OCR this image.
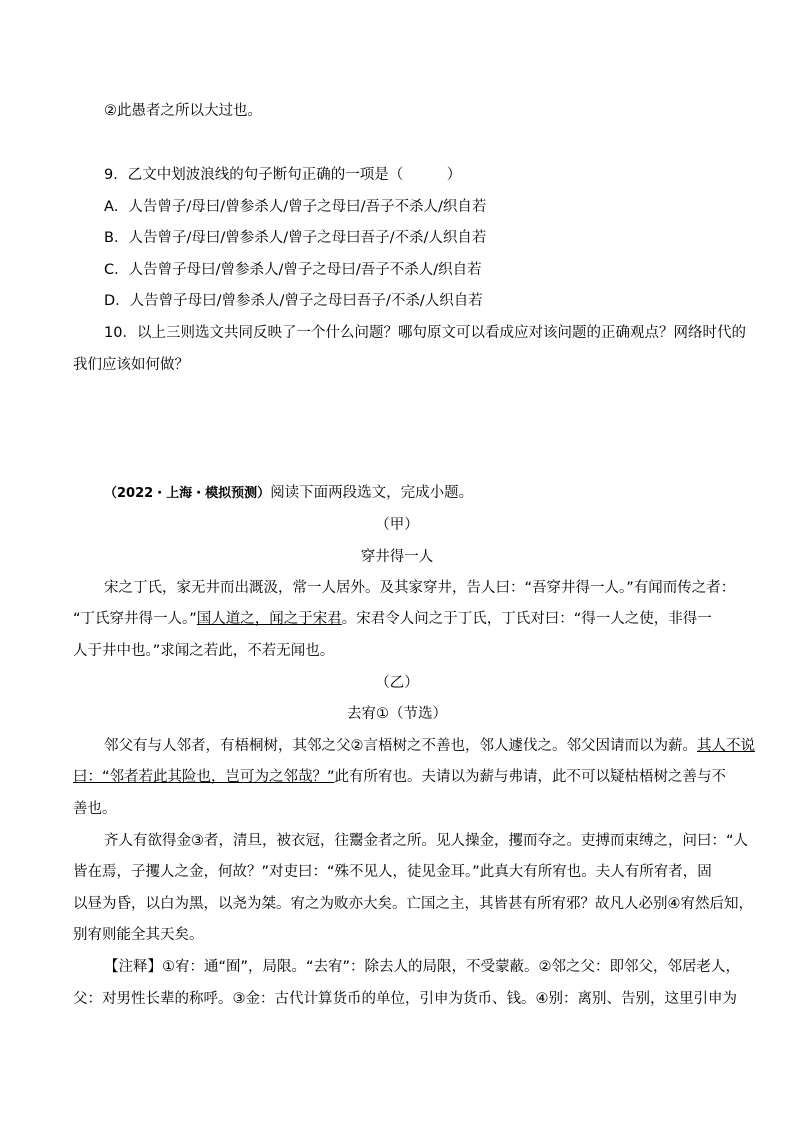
②此愚者之所以大过也。
9．乙文中划波浪线的句子断句正确的一项是（　　　）
A．人告曾子/母曰/曾参杀人/曾子之母曰/吾子不杀人/织自若
B．人告曾子/母曰/曾参杀人/曾子之母曰吾子/不杀/人织自若
C．人告曾子母曰/曾参杀人/曾子之母曰/吾子不杀人/织自若
D．人告曾子母曰/曾参杀人/曾子之母曰吾子/不杀/人织自若
10．以上三则选文共同反映了一个什么问题？哪句原文可以看成应对该问题的正确观点？网络时代的
我们应该如何做？
（2022・上海・模拟预测）阅读下面两段选文，完成小题。
（甲）
穿井得一人
宋之丁氏，家无井而出溉汲，常一人居外。及其家穿井，告人曰：“吾穿井得一人。”有闻而传之者：
“丁氏穿井得一人。”国人道之，闻之于宋君。宋君令人问之于丁氏，丁氏对曰：“得一人之使，非得一
人于井中也。”求闻之若此，不若无闻也。
（乙）
去宥①（节选）
邻父有与人邻者，有梧桐树，其邻之父②言梧树之不善也，邻人遽伐之。邻父因请而以为薪。其人不说
曰：“邻者若此其险也，岂可为之邻哉？”此有所宥也。夫请以为薪与弗请，此不可以疑枯梧树之善与不
善也。
齐人有欲得金③者，清旦，被衣冠，往鬻金者之所。见人操金，攫而夺之。吏搏而束缚之，问曰：“人
皆在焉，子攫人之金，何故？”对吏曰：“殊不见人，徒见金耳。”此真大有所宥也。夫人有所宥者，固
以昼为昏，以白为黑，以尧为桀。宥之为败亦大矣。亡国之主，其皆甚有所宥邪？故凡人必别④宥然后知，
别宥则能全其天矣。
【注释】①宥：通“囿”，局限。“去宥”：除去人的局限，不受蒙蔽。②邻之父：即邻父，邻居老人，
父：对男性长辈的称呼。③金：古代计算货币的单位，引申为货币、钱。④别：离别、告别，这里引申为
